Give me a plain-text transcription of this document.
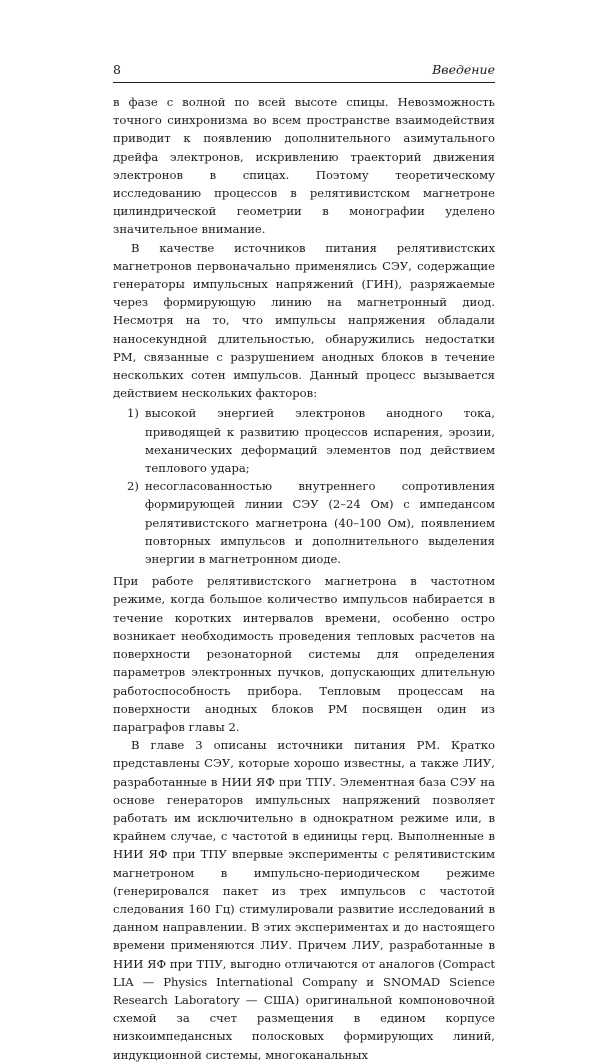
8	Введение

в фазе с волной по всей высоте спицы. Невозможность точного синхронизма во всем пространстве взаимодействия приводит к появлению дополнительного азимутального дрейфа электронов, искривлению траекторий движения электронов в спицах. Поэтому теоретическому исследованию процессов в релятивистском магнетроне цилиндрической геометрии в монографии уделено значительное внимание.

В качестве источников питания релятивистских магнетронов первоначально применялись СЭУ, содержащие генераторы импульсных напряжений (ГИН), разряжаемые через формирующую линию на магнетронный диод. Несмотря на то, что импульсы напряжения обладали наносекундной длительностью, обнаружились недостатки РМ, связанные с разрушением анодных блоков в течение нескольких сотен импульсов. Данный процесс вызывается действием нескольких факторов:

1) высокой энергией электронов анодного тока, приводящей к развитию процессов испарения, эрозии, механических деформаций элементов под действием теплового удара;
2) несогласованностью внутреннего сопротивления формирующей линии СЭУ (2–24 Ом) с импедансом релятивистского магнетрона (40–100 Ом), появлением повторных импульсов и дополнительного выделения энергии в магнетронном диоде.

При работе релятивистского магнетрона в частотном режиме, когда большое количество импульсов набирается в течение коротких интервалов времени, особенно остро возникает необходимость проведения тепловых расчетов на поверхности резонаторной системы для определения параметров электронных пучков, допускающих длительную работоспособность прибора. Тепловым процессам на поверхности анодных блоков РМ посвящен один из параграфов главы 2.

В главе 3 описаны источники питания РМ. Кратко представлены СЭУ, которые хорошо известны, а также ЛИУ, разработанные в НИИ ЯФ при ТПУ. Элементная база СЭУ на основе генераторов импульсных напряжений позволяет работать им исключительно в однократном режиме или, в крайнем случае, с частотой в единицы герц. Выполненные в НИИ ЯФ при ТПУ впервые эксперименты с релятивистским магнетроном в импульсно-периодическом режиме (генерировался пакет из трех импульсов с частотой следования 160 Гц) стимулировали развитие исследований в данном направлении. В этих экспериментах и до настоящего времени применяются ЛИУ. Причем ЛИУ, разработанные в НИИ ЯФ при ТПУ, выгодно отличаются от аналогов (Compact LIA — Physics International Company и SNOMAD Science Research Laboratory — США) оригинальной компоновочной схемой за счет размещения в едином корпусе низкоимпедансных полосковых формирующих линий, индукционной системы, многоканальных
